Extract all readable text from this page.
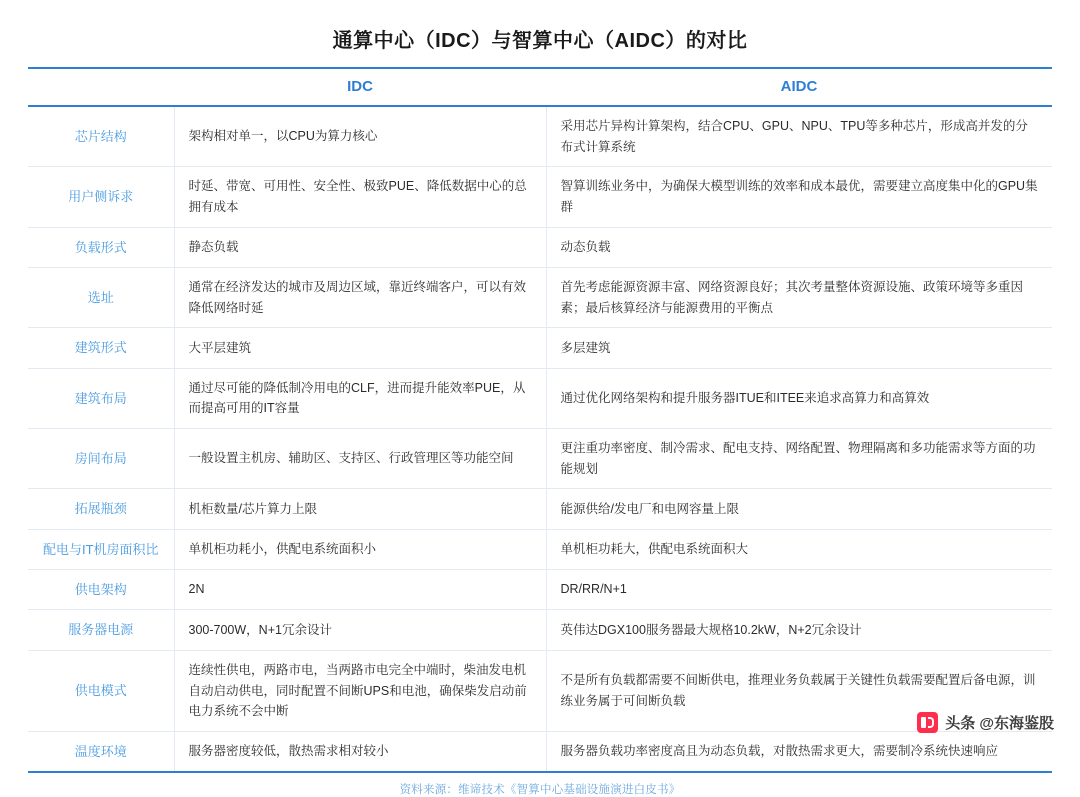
通算中心（IDC）与智算中心（AIDC）的对比
	IDC	AIDC
芯片结构	架构相对单一，以CPU为算力核心	采用芯片异构计算架构，结合CPU、GPU、NPU、TPU等多种芯片，形成高并发的分布式计算系统
用户侧诉求	时延、带宽、可用性、安全性、极致PUE、降低数据中心的总拥有成本	智算训练业务中，为确保大模型训练的效率和成本最优，需要建立高度集中化的GPU集群
负载形式	静态负载	动态负载
选址	通常在经济发达的城市及周边区域，靠近终端客户，可以有效降低网络时延	首先考虑能源资源丰富、网络资源良好；其次考量整体资源设施、政策环境等多重因素；最后核算经济与能源费用的平衡点
建筑形式	大平层建筑	多层建筑
建筑布局	通过尽可能的降低制冷用电的CLF，进而提升能效率PUE，从而提高可用的IT容量	通过优化网络架构和提升服务器ITUE和ITEE来追求高算力和高算效
房间布局	一般设置主机房、辅助区、支持区、行政管理区等功能空间	更注重功率密度、制冷需求、配电支持、网络配置、物理隔离和多功能需求等方面的功能规划
拓展瓶颈	机柜数量/芯片算力上限	能源供给/发电厂和电网容量上限
配电与IT机房面积比	单机柜功耗小，供配电系统面积小	单机柜功耗大，供配电系统面积大
供电架构	2N	DR/RR/N+1
服务器电源	300-700W，N+1冗余设计	英伟达DGX100服务器最大规格10.2kW，N+2冗余设计
供电模式	连续性供电，两路市电，当两路市电完全中端时，柴油发电机自动启动供电，同时配置不间断UPS和电池，确保柴发启动前电力系统不会中断	不是所有负载都需要不间断供电，推理业务负载属于关键性负载需要配置后备电源，训练业务属于可间断负载
温度环境	服务器密度较低，散热需求相对较小	服务器负载功率密度高且为动态负载，对散热需求更大，需要制冷系统快速响应
资料来源：维谛技术《智算中心基础设施演进白皮书》
头条 @东海鉴股
